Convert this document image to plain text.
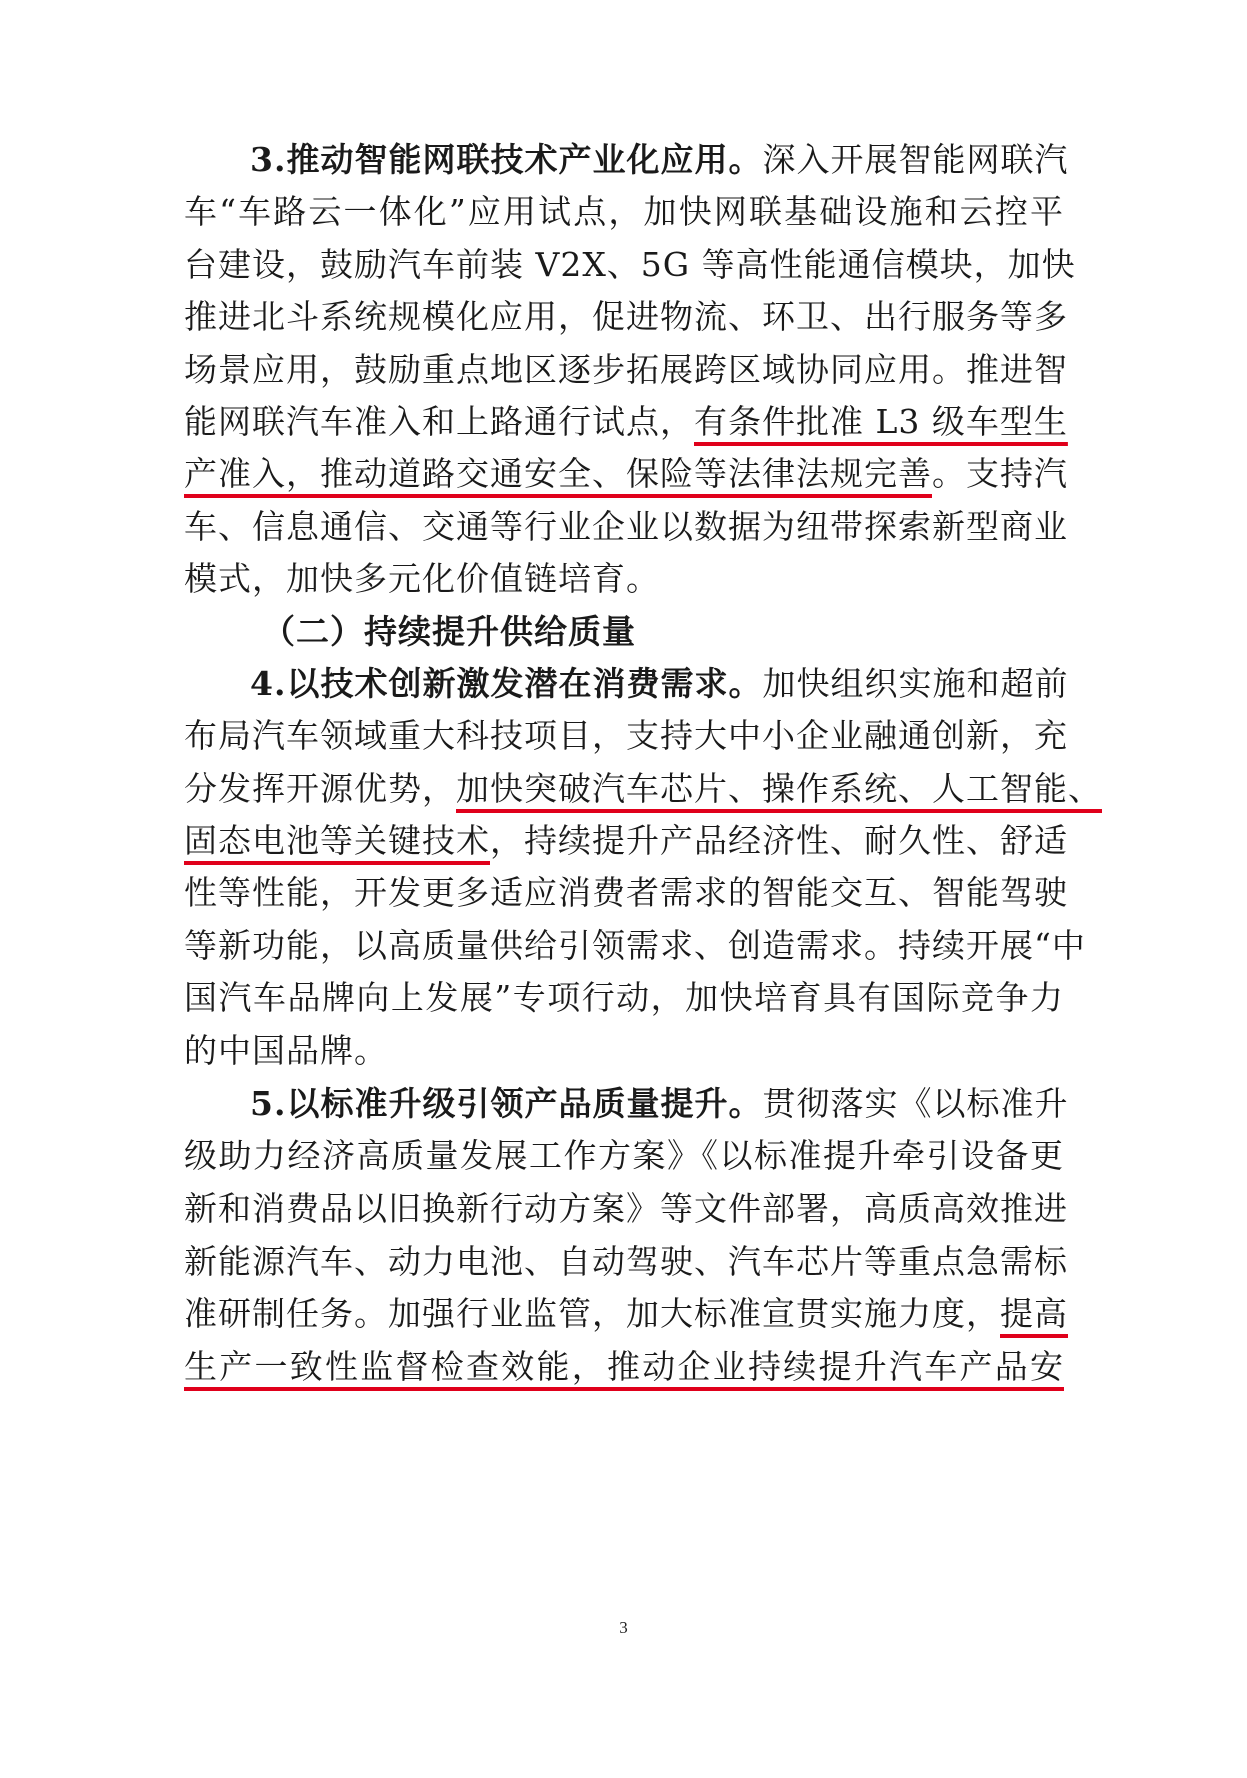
3.推动智能网联技术产业化应用。深入开展智能网联汽
车“车路云一体化”应用试点，加快网联基础设施和云控平
台建设，鼓励汽车前装 V2X、5G 等高性能通信模块，加快
推进北斗系统规模化应用，促进物流、环卫、出行服务等多
场景应用，鼓励重点地区逐步拓展跨区域协同应用。推进智
能网联汽车准入和上路通行试点，有条件批准 L3 级车型生
产准入，推动道路交通安全、保险等法律法规完善。支持汽
车、信息通信、交通等行业企业以数据为纽带探索新型商业
模式，加快多元化价值链培育。
（二）持续提升供给质量
4.以技术创新激发潜在消费需求。加快组织实施和超前
布局汽车领域重大科技项目，支持大中小企业融通创新，充
分发挥开源优势，加快突破汽车芯片、操作系统、人工智能、
固态电池等关键技术，持续提升产品经济性、耐久性、舒适
性等性能，开发更多适应消费者需求的智能交互、智能驾驶
等新功能，以高质量供给引领需求、创造需求。持续开展“中
国汽车品牌向上发展”专项行动，加快培育具有国际竞争力
的中国品牌。
5.以标准升级引领产品质量提升。贯彻落实《以标准升
级助力经济高质量发展工作方案》《以标准提升牵引设备更
新和消费品以旧换新行动方案》等文件部署，高质高效推进
新能源汽车、动力电池、自动驾驶、汽车芯片等重点急需标
准研制任务。加强行业监管，加大标准宣贯实施力度，提高
生产一致性监督检查效能，推动企业持续提升汽车产品安
3
